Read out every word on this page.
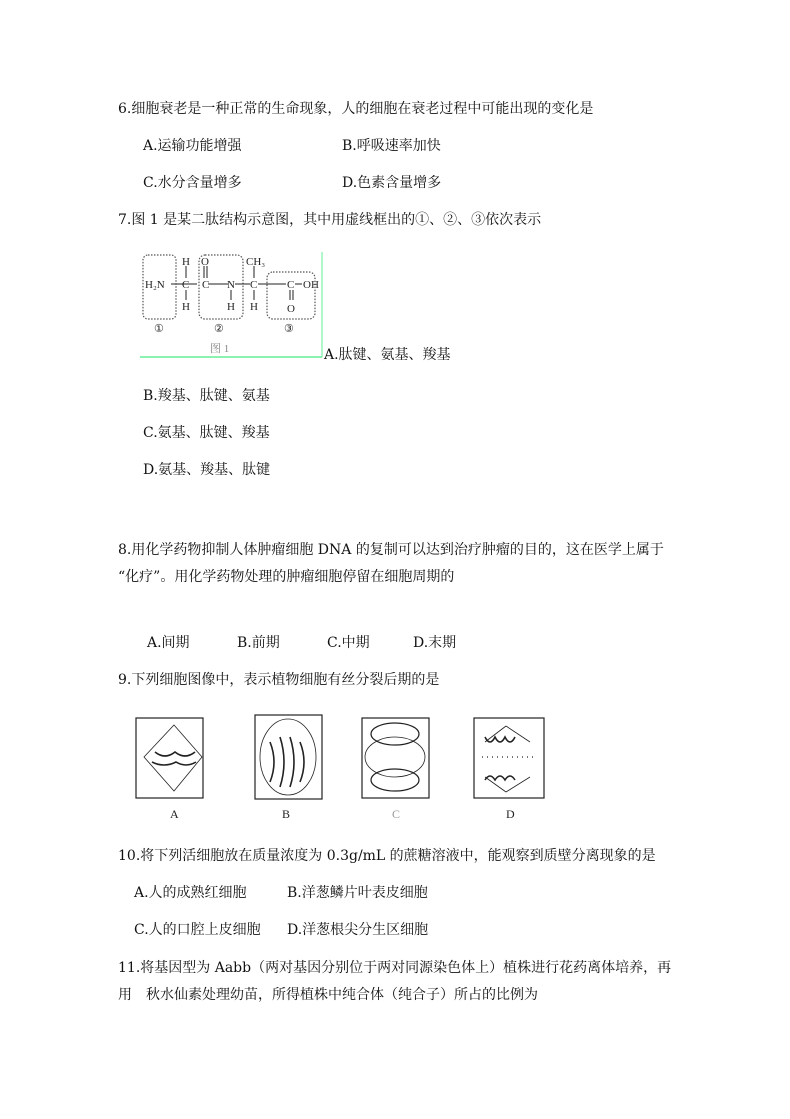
6.细胞衰老是一种正常的生命现象，人的细胞在衰老过程中可能出现的变化是
A.运输功能增强	B.呼吸速率加快
C.水分含量增多	D.色素含量增多
7.图 1 是某二肽结构示意图，其中用虚线框出的①、②、③依次表示
H₂N
H
C
H
O
C N
H
CH₃
C
H
C OH
O
①	②	③
图 1	A.肽键、氨基、羧基
B.羧基、肽键、氨基
C.氨基、肽键、羧基
D.氨基、羧基、肽键
8.用化学药物抑制人体肿瘤细胞 DNA 的复制可以达到治疗肿瘤的目的，这在医学上属于
“化疗”。用化学药物处理的肿瘤细胞停留在细胞周期的
A.间期	B.前期	C.中期	D.末期
9.下列细胞图像中，表示植物细胞有丝分裂后期的是
A	B	C	D
10.将下列活细胞放在质量浓度为 0.3g/mL 的蔗糖溶液中，能观察到质壁分离现象的是
A.人的成熟红细胞	B.洋葱鳞片叶表皮细胞
C.人的口腔上皮细胞 D.洋葱根尖分生区细胞
11.将基因型为 Aabb（两对基因分别位于两对同源染色体上）植株进行花药离体培养，再
用　秋水仙素处理幼苗，所得植株中纯合体（纯合子）所占的比例为
